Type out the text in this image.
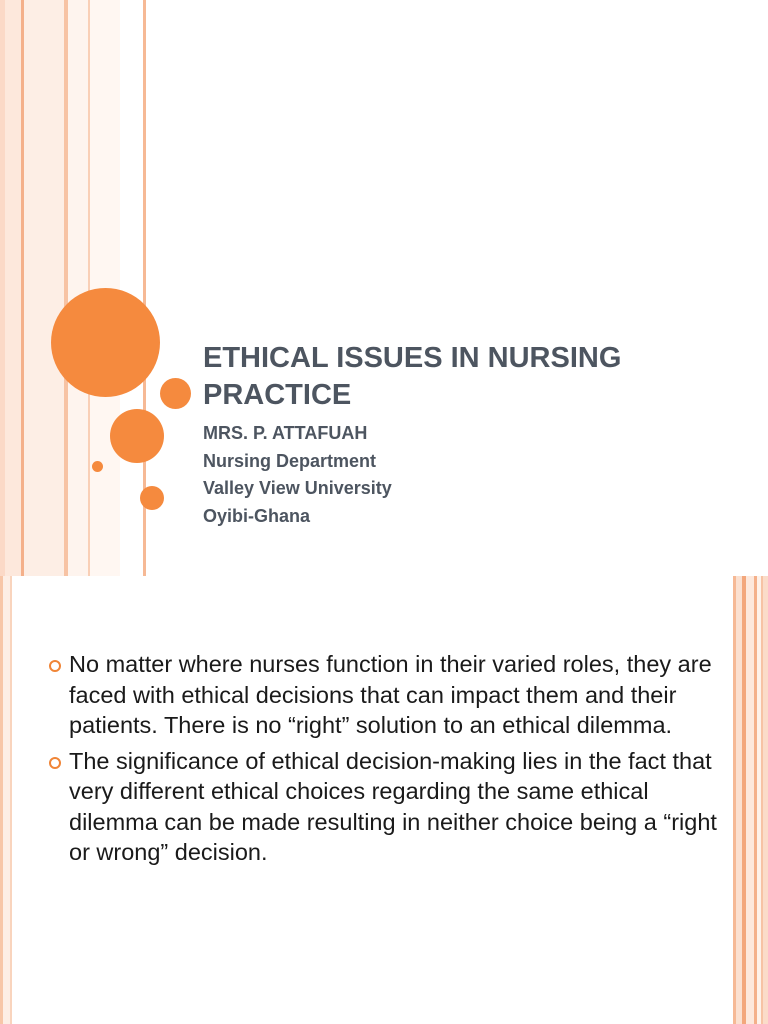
ETHICAL ISSUES IN NURSING PRACTICE
MRS. P. ATTAFUAH
Nursing Department
Valley View University
Oyibi-Ghana
No matter where nurses function in their varied roles, they are faced with ethical decisions that can impact them and their patients. There is no “right” solution to an ethical dilemma.
The significance of ethical decision-making lies in the fact that very different ethical choices regarding the same ethical dilemma can be made resulting in neither choice being a “right or wrong” decision.
